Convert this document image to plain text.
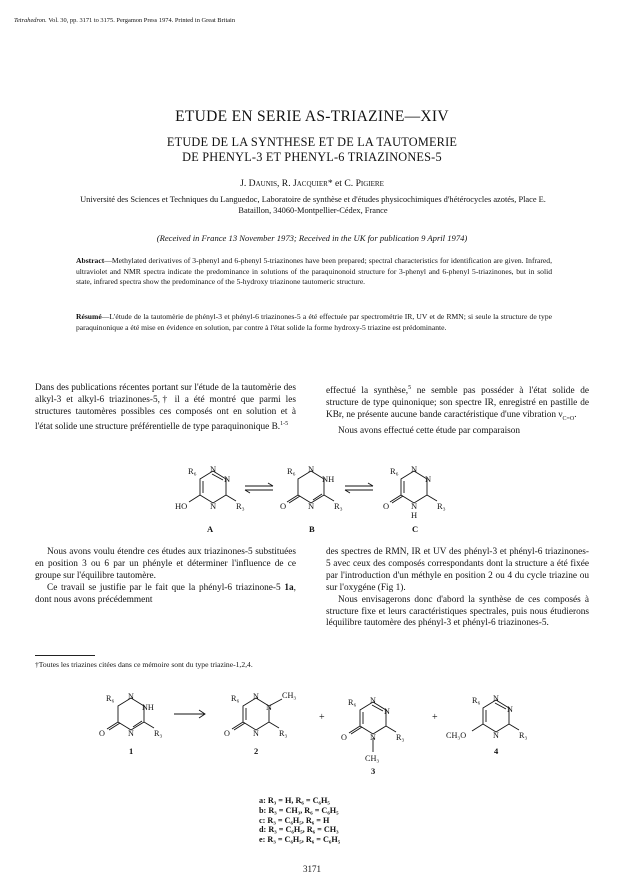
Tetrahedron. Vol. 30, pp. 3171 to 3175. Pergamon Press 1974. Printed in Great Britain
ETUDE EN SERIE AS-TRIAZINE—XIV
ETUDE DE LA SYNTHESE ET DE LA TAUTOMERIE
DE PHENYL-3 ET PHENYL-6 TRIAZINONES-5
J. Daunis, R. Jacquier* et C. Pigiere
Université des Sciences et Techniques du Languedoc, Laboratoire de synthèse et d'études physicochimiques d'hétérocycles azotés, Place E. Bataillon, 34060-Montpellier-Cédex, France
(Received in France 13 November 1973; Received in the UK for publication 9 April 1974)
Abstract—Methylated derivatives of 3-phenyl and 6-phenyl 5-triazinones have been prepared; spectral characteristics for identification are given. Infrared, ultraviolet and NMR spectra indicate the predominance in solutions of the paraquinonoid structure for 3-phenyl and 6-phenyl 5-triazinones, but in solid state, infrared spectra show the predominance of the 5-hydroxy triazinone tautomeric structure.
Résumé—L'étude de la tautomèrie de phényl-3 et phényl-6 triazinones-5 a été effectuée par spectrométrie IR, UV et de RMN; si seule la structure de type paraquinonique a été mise en évidence en solution, par contre à l'état solide la forme hydroxy-5 triazine est prédominante.

Dans des publications récentes portant sur l'étude de la tautomèrie des alkyl-3 et alkyl-6 triazinones-5,† il a été montré que parmi les structures tautomères possibles ces composés ont en solution et à l'état solide une structure préférentielle de type paraquinonique B.$^{1-5}$

effectué la synthèse,$^5$ ne semble pas posséder à l'état solide de structure de type quinonique; son spectre IR, enregistré en pastille de KBr, ne présente aucune bande caractéristique d'une vibration $\nu_{C=O}$.

Nous avons effectué cette étude par comparaison

R₆ N
N
N R₃
HO
R₆ N
NH
N R₃
O
R₆ N
N
N
H
R₃
O
A	B	C

Nous avons voulu étendre ces études aux triazinones-5 substituées en position 3 ou 6 par un phényle et déterminer l'influence de ce groupe sur l'équilibre tautomère.

Ce travail se justifie par le fait que la phényl-6 triazinone-5 1a, dont nous avons précédemment

des spectres de RMN, IR et UV des phényl-3 et phényl-6 triazinones-5 avec ceux des composés correspondants dont la structure a été fixée par l'introduction d'un méthyle en position 2 ou 4 du cycle triazine ou sur l'oxygéne (Fig 1).

Nous envisagerons donc d'abord la synthèse de ces composés à structure fixe et leurs caractéristiques spectrales, puis nous étudierons léquilibre tautomère des phényl-3 et phényl-6 triazinones-5.

†Toutes les triazines citées dans ce mémoire sont du type triazine-1,2,4.
R₆ N
NH
N R₃
O
R₆ N
N
CH₃
N R₃
O
R₆ N
N
N
CH₃
R₃
O
R₆ N
N
N R₃
CH₃O
+	+
1	2
3
4
a: R₃ = H, R₆ = C₆H₅
b: R₃ = CH₃, R₆ = C₆H₅
c: R₃ = C₆H₅, R₆ = H
d: R₃ = C₆H₅, R₆ = CH₃
e: R₃ = C₆H₅, R₆ = C₆H₅
3171
